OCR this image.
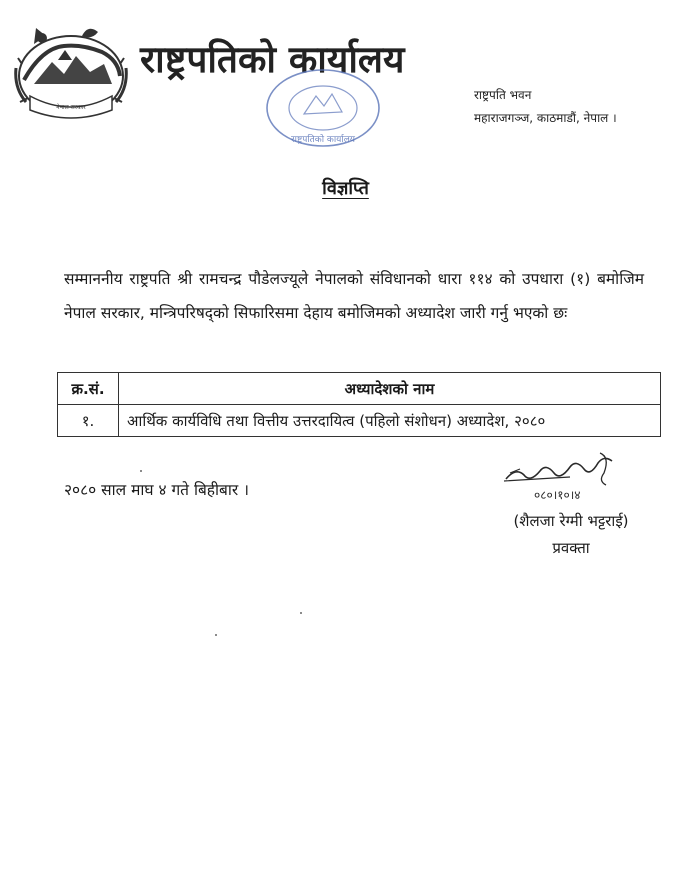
नेपाल सरकार
राष्ट्रपतिको कार्यालय
राष्ट्रपतिको कार्यालय
राष्ट्रपति भवन
महाराजगञ्ज, काठमाडौं, नेपाल ।
विज्ञप्ति
सम्माननीय राष्ट्रपति श्री रामचन्द्र पौडेलज्यूले नेपालको संविधानको धारा ११४ को उपधारा (१) बमोजिम नेपाल सरकार, मन्त्रिपरिषद्‌को सिफारिसमा देहाय बमोजिमको अध्यादेश जारी गर्नु भएको छः
क्र.सं.	अध्यादेशको नाम
१.	आर्थिक कार्यविधि तथा वित्तीय उत्तरदायित्व (पहिलो संशोधन) अध्यादेश, २०८०
२०८० साल माघ ४ गते बिहीबार ।	०८०।१०।४
(शैलजा रेग्मी भट्टराई)
प्रवक्ता
